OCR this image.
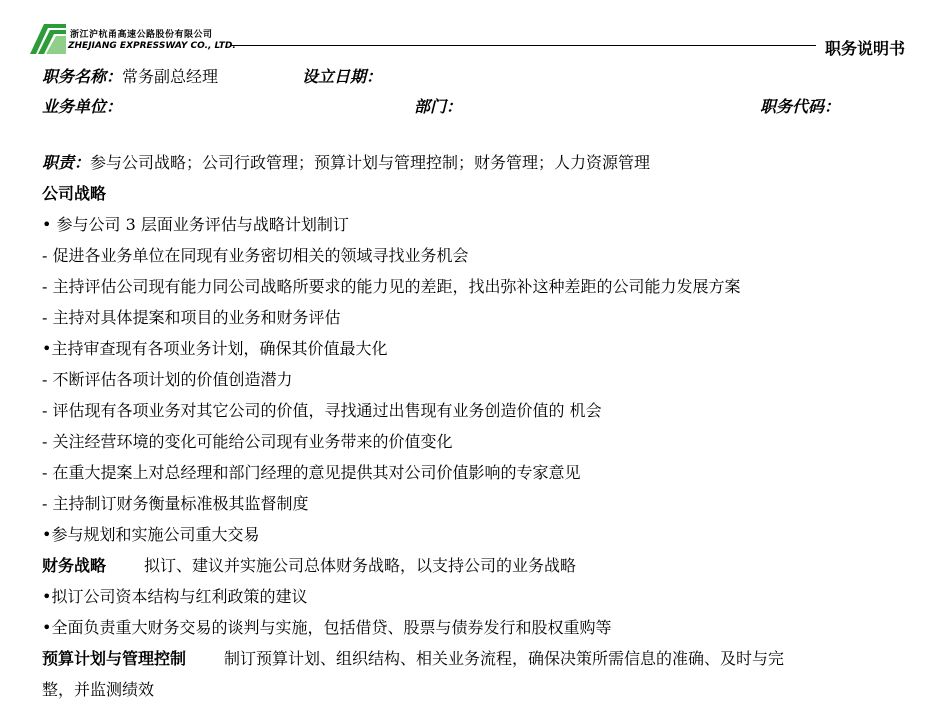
浙江沪杭甬高速公路股份有限公司
ZHEJIANG EXPRESSWAY CO., LTD.	职务说明书
职务名称：常务副总经理	设立日期：
业务单位：	部门：	职务代码：
职责：参与公司战略；公司行政管理；预算计划与管理控制；财务管理；人力资源管理
公司战略
• 参与公司 3 层面业务评估与战略计划制订
- 促进各业务单位在同现有业务密切相关的领域寻找业务机会
- 主持评估公司现有能力同公司战略所要求的能力见的差距，找出弥补这种差距的公司能力发展方案
- 主持对具体提案和项目的业务和财务评估
•主持审查现有各项业务计划，确保其价值最大化
- 不断评估各项计划的价值创造潜力
- 评估现有各项业务对其它公司的价值，寻找通过出售现有业务创造价值的 机会
- 关注经营环境的变化可能给公司现有业务带来的价值变化
- 在重大提案上对总经理和部门经理的意见提供其对公司价值影响的专家意见
- 主持制订财务衡量标准极其监督制度
•参与规划和实施公司重大交易
财务战略 拟订、建议并实施公司总体财务战略，以支持公司的业务战略
•拟订公司资本结构与红利政策的建议
•全面负责重大财务交易的谈判与实施，包括借贷、股票与债券发行和股权重购等
预算计划与管理控制 制订预算计划、组织结构、相关业务流程，确保决策所需信息的准确、及时与完
整，并监测绩效
